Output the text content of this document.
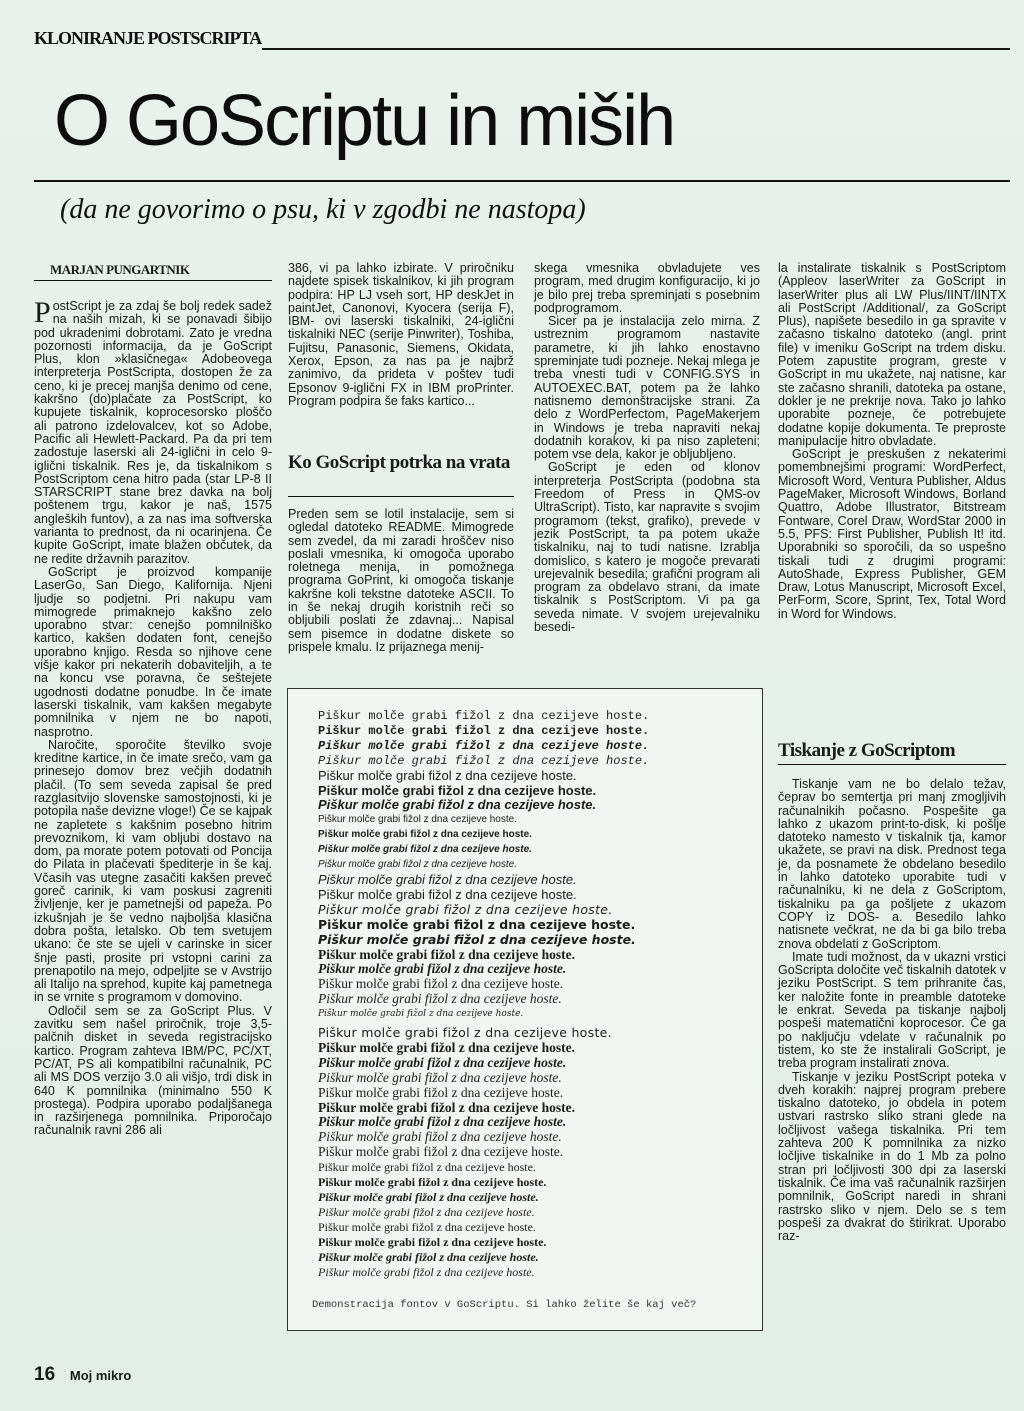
KLONIRANJE POSTSCRIPTA
O GoScriptu in miših
(da ne govorimo o psu, ki v zgodbi ne nastopa)
MARJAN PUNGARTNIK

PostScript je za zdaj še bolj redek sadež na naših mizah, ki se ponavadi šibijo pod ukradenimi dobrotami. Zato je vredna pozornosti informacija, da je GoScript Plus, klon »klasičnega« Adobeovega interpreterja PostScripta, dostopen že za ceno, ki je precej manjša denimo od cene, kakršno (do)plačate za PostScript, ko kupujete tiskalnik, koprocesorsko ploščo ali patrono izdelovalcev, kot so Adobe, Pacific ali Hewlett-Packard. Pa da pri tem zadostuje laserski ali 24-iglični in celo 9-iglični tiskalnik. Res je, da tiskalnikom s PostScriptom cena hitro pada (star LP-8 II STARSCRIPT stane brez davka na bolj poštenem trgu, kakor je naš, 1575 angleških funtov), a za nas ima softverska varianta to prednost, da ni ocarinjena. Če kupite GoScript, imate blažen občutek, da ne redite državnih parazitov.

GoScript je proizvod kompanije LaserGo, San Diego, Kalifornija. Njeni ljudje so podjetni. Pri nakupu vam mimogrede primaknejo kakšno zelo uporabno stvar: cenejšo pomnilniško kartico, kakšen dodaten font, cenejšo uporabno knjigo. Resda so njihove cene višje kakor pri nekaterih dobaviteljih, a te na koncu vse poravna, če seštejete ugodnosti dodatne ponudbe. In če imate laserski tiskalnik, vam kakšen megabyte pomnilnika v njem ne bo napoti, nasprotno.

Naročite, sporočite številko svoje kreditne kartice, in če imate srečo, vam ga prinesejo domov brez večjih dodatnih plačil. (To sem seveda zapisal še pred razglasitvijo slovenske samostojnosti, ki je potopila naše devizne vloge!) Če se kajpak ne zapletete s kakšnim posebno hitrim prevoznikom, ki vam obljubi dostavo na dom, pa morate potem potovati od Poncija do Pilata in plačevati špediterje in še kaj. Včasih vas utegne zasačiti kakšen preveč goreč carinik, ki vam poskusi zagreniti življenje, ker je pametnejši od papeža. Po izkušnjah je še vedno najboljša klasična dobra pošta, letalsko. Ob tem svetujem ukano: če ste se ujeli v carinske in sicer šnje pasti, prosite pri vstopni carini za prenapotilo na mejo, odpeljite se v Avstrijo ali Italijo na sprehod, kupite kaj pametnega in se vrnite s programom v domovino.

Odločil sem se za GoScript Plus. V zavitku sem našel priročnik, troje 3,5-palčnih disket in seveda registracijsko kartico. Program zahteva IBM/PC, PC/XT, PC/AT, PS ali kompatibilni računalnik, PC ali MS DOS verzijo 3.0 ali višjo, trdi disk in 640 K pomnilnika (minimalno 550 K prostega). Podpira uporabo podaljšanega in razširjenega pomnilnika. Priporočajo računalnik ravni 286 ali

386, vi pa lahko izbirate. V priročniku najdete spisek tiskalnikov, ki jih program podpira: HP LJ vseh sort, HP deskJet in paintJet, Canonovi, Kyocera (serija F), IBM- ovi laserski tiskalniki, 24-iglični tiskalniki NEC (serije Pinwriter), Toshiba, Fujitsu, Panasonic, Siemens, Okidata, Xerox, Epson, za nas pa je najbrž zanimivo, da prideta v poštev tudi Epsonov 9-iglični FX in IBM proPrinter. Program podpira še faks kartico...

Ko GoScript potrka na vrata

Preden sem se lotil instalacije, sem si ogledal datoteko README. Mimogrede sem zvedel, da mi zaradi hroščev niso poslali vmesnika, ki omogoča uporabo roletnega menija, in pomožnega programa GoPrint, ki omogoča tiskanje kakršne koli tekstne datoteke ASCII. To in še nekaj drugih koristnih reči so obljubili poslati že zdavnaj... Napisal sem pisemce in dodatne diskete so prispele kmalu. Iz prijaznega menij-

skega vmesnika obvladujete ves program, med drugim konfiguracijo, ki jo je bilo prej treba spreminjati s posebnim podprogramom.

Sicer pa je instalacija zelo mirna. Z ustreznim programom nastavite parametre, ki jih lahko enostavno spreminjate tudi pozneje. Nekaj mlega je treba vnesti tudi v CONFIG.SYS in AUTOEXEC.BAT, potem pa že lahko natisnemo demonštracijske strani. Za delo z WordPerfectom, PageMakerjem in Windows je treba napraviti nekaj dodatnih korakov, ki pa niso zapleteni; potem vse dela, kakor je obljubljeno.

GoScript je eden od klonov interpreterja PostScripta (podobna sta Freedom of Press in QMS-ov UltraScript). Tisto, kar napravite s svojim programom (tekst, grafiko), prevede v jezik PostScript, ta pa potem ukaže tiskalniku, naj to tudi natisne. Izrablja domislico, s katero je mogoče prevarati urejevalnik besedila; grafični program ali program za obdelavo strani, da imate tiskalnik s PostScriptom. Vi pa ga seveda nimate. V svojem urejevalniku besedi-

la instalirate tiskalnik s PostScriptom (Appleov laserWriter za GoScript in laserWriter plus ali LW Plus/IINT/IINTX ali PostScript /Additional/, za GoScript Plus), napišete besedilo in ga spravite v začasno tiskalno datoteko (angl. print file) v imeniku GoScript na trdem disku. Potem zapustite program, greste v GoScript in mu ukažete, naj natisne, kar ste začasno shranili, datoteka pa ostane, dokler je ne prekrije nova. Tako jo lahko uporabite pozneje, če potrebujete dodatne kopije dokumenta. Te preproste manipulacije hitro obvladate.

GoScript je preskušen z nekaterimi pomembnejšimi programi: WordPerfect, Microsoft Word, Ventura Publisher, Aldus PageMaker, Microsoft Windows, Borland Quattro, Adobe Illustrator, Bitstream Fontware, Corel Draw, WordStar 2000 in 5.5, PFS: First Publisher, Publish It! itd. Uporabniki so sporočili, da so uspešno tiskali tudi z drugimi programi: AutoShade, Express Publisher, GEM Draw, Lotus Manuscript, Microsoft Excel, PerForm, Score, Sprint, Tex, Total Word in Word for Windows.

Tiskanje z GoScriptom

Tiskanje vam ne bo delalo težav, čeprav bo semtertja pri manj zmogljivih računalnikih počasno. Pospešite ga lahko z ukazom print-to-disk, ki pošlje datoteko namesto v tiskalnik tja, kamor ukažete, se pravi na disk. Prednost tega je, da posnamete že obdelano besedilo in lahko datoteko uporabite tudi v računalniku, ki ne dela z GoScriptom, tiskalniku pa ga pošljete z ukazom COPY iz DOS- a. Besedilo lahko natisnete večkrat, ne da bi ga bilo treba znova obdelati z GoScriptom.

Imate tudi možnost, da v ukazni vrstici GoScripta določite več tiskalnih datotek v jeziku PostScript. S tem prihranite čas, ker naložite fonte in preamble datoteke le enkrat. Seveda pa tiskanje najbolj pospeši matematični koprocesor. Če ga po naključju vdelate v računalnik po tistem, ko ste že instalirali GoScript, je treba program instalirati znova.

Tiskanje v jeziku PostScript poteka v dveh korakih: najprej program prebere tiskalno datoteko, jo obdela in potem ustvari rastrsko sliko strani glede na ločljivost vašega tiskalnika. Pri tem zahteva 200 K pomnilnika za nizko ločljive tiskalnike in do 1 Mb za polno stran pri ločljivosti 300 dpi za laserski tiskalnik. Če ima vaš računalnik razširjen pomnilnik, GoScript naredi in shrani rastrsko sliko v njem. Delo se s tem pospeši za dvakrat do štirikrat. Uporabo raz-

Piškur molče grabi fižol z dna cezijeve hoste.
Piškur molče grabi fižol z dna cezijeve hoste.
Piškur molče grabi fižol z dna cezijeve hoste.
Piškur molče grabi fižol z dna cezijeve hoste.
Piškur molče grabi fižol z dna cezijeve hoste.
Piškur molče grabi fižol z dna cezijeve hoste.
Piškur molče grabi fižol z dna cezijeve hoste.
Piškur molče grabi fižol z dna cezijeve hoste.
Piškur molče grabi fižol z dna cezijeve hoste.
Piškur molče grabi fižol z dna cezijeve hoste.
Piškur molče grabi fižol z dna cezijeve hoste.
Piškur molče grabi fižol z dna cezijeve hoste.
Piškur molče grabi fižol z dna cezijeve hoste.
Piškur molče grabi fižol z dna cezijeve hoste.
Piškur molče grabi fižol z dna cezijeve hoste.
Piškur molče grabi fižol z dna cezijeve hoste.
Piškur molče grabi fižol z dna cezijeve hoste.
Piškur molče grabi fižol z dna cezijeve hoste.
Piškur molče grabi fižol z dna cezijeve hoste.
Piškur molče grabi fižol z dna cezijeve hoste.
Piškur molče grabi fižol z dna cezijeve hoste.
Piškur molče grabi fižol z dna cezijeve hoste.
Piškur molče grabi fižol z dna cezijeve hoste.
Piškur molče grabi fižol z dna cezijeve hoste.
Piškur molče grabi fižol z dna cezijeve hoste.
Piškur molče grabi fižol z dna cezijeve hoste.
Piškur molče grabi fižol z dna cezijeve hoste.
Piškur molče grabi fižol z dna cezijeve hoste.
Piškur molče grabi fižol z dna cezijeve hoste.
Piškur molče grabi fižol z dna cezijeve hoste.
Piškur molče grabi fižol z dna cezijeve hoste.
Piškur molče grabi fižol z dna cezijeve hoste.
Piškur molče grabi fižol z dna cezijeve hoste.
Piškur molče grabi fižol z dna cezijeve hoste.
Piškur molče grabi fižol z dna cezijeve hoste.
Piškur molče grabi fižol z dna cezijeve hoste.
Piškur molče grabi fižol z dna cezijeve hoste.
Piškur molče grabi fižol z dna cezijeve hoste.
Demonstracija fontov v GoScriptu. Si lahko želite še kaj več?
16 Moj mikro
